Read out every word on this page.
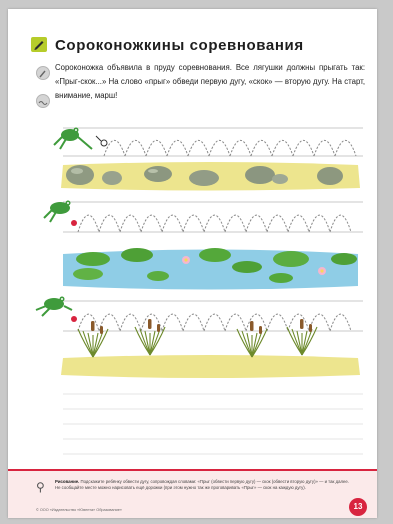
Сороконожкины соревнования
Сороконожка объявила в пруду соревнования. Все лягушки должны прыгать так: «Прыг-скок...» На слово «прыг» обведи первую дугу, «скок» — вторую дугу. На старт, внимание, марш!
⚲ Рисование. Подскажите ребёнку обвести дугу, сопровождая словами: «Прыг (обвести первую дугу) — скок (обвести вторую дугу)» — и так далее. Не сообщайте месте можно нарисовать ещё дорожки (при этом нужно так же проговаривать «Прыг» — скок на каждую дугу).
© ООО «Издательство «Ювента» Образование»	13
